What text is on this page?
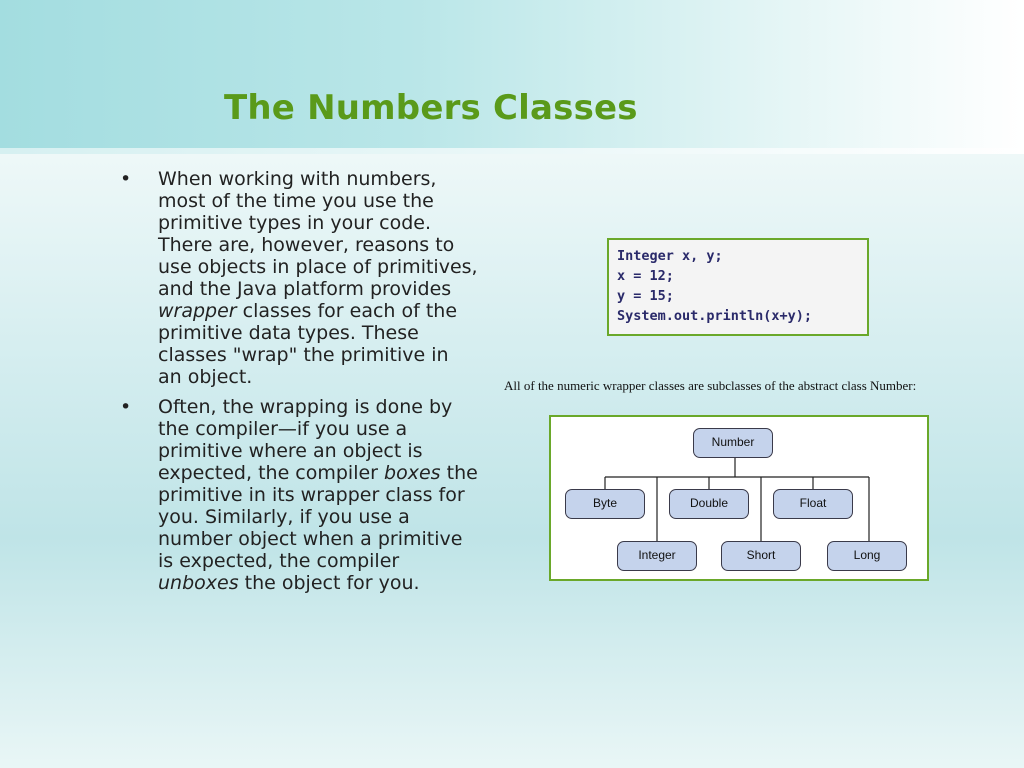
The Numbers Classes
• When working with numbers, most of the time you use the primitive types in your code. There are, however, reasons to use objects in place of primitives, and the Java platform provides wrapper classes for each of the primitive data types. These classes "wrap" the primitive in an object.
• Often, the wrapping is done by the compiler—if you use a primitive where an object is expected, the compiler boxes the primitive in its wrapper class for you. Similarly, if you use a number object when a primitive is expected, the compiler unboxes the object for you.
Integer x, y;
x = 12;
y = 15;
System.out.println(x+y);

All of the numeric wrapper classes are subclasses of the abstract class Number:

Number
Byte	Double	Float
Integer	Short	Long
